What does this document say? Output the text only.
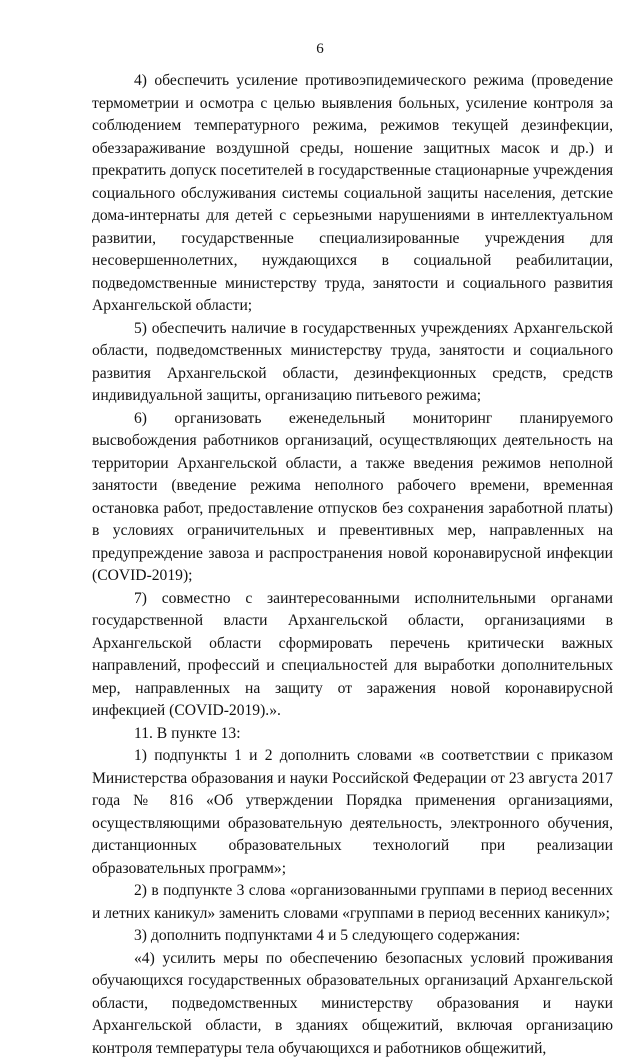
6

4) обеспечить усиление противоэпидемического режима (проведение термометрии и осмотра с целью выявления больных, усиление контроля за соблюдением температурного режима, режимов текущей дезинфекции, обеззараживание воздушной среды, ношение защитных масок и др.) и прекратить допуск посетителей в государственные стационарные учреждения социального обслуживания системы социальной защиты населения, детские дома-интернаты для детей с серьезными нарушениями в интеллектуальном развитии, государственные специализированные учреждения для несовершеннолетних, нуждающихся в социальной реабилитации, подведомственные министерству труда, занятости и социального развития Архангельской области;

5) обеспечить наличие в государственных учреждениях Архангельской области, подведомственных министерству труда, занятости и социального развития Архангельской области, дезинфекционных средств, средств индивидуальной защиты, организацию питьевого режима;

6) организовать еженедельный мониторинг планируемого высвобождения работников организаций, осуществляющих деятельность на территории Архангельской области, а также введения режимов неполной занятости (введение режима неполного рабочего времени, временная остановка работ, предоставление отпусков без сохранения заработной платы) в условиях ограничительных и превентивных мер, направленных на предупреждение завоза и распространения новой коронавирусной инфекции (COVID-2019);

7) совместно с заинтересованными исполнительными органами государственной власти Архангельской области, организациями в Архангельской области сформировать перечень критически важных направлений, профессий и специальностей для выработки дополнительных мер, направленных на защиту от заражения новой коронавирусной инфекцией (COVID-2019).».

11. В пункте 13:

1) подпункты 1 и 2 дополнить словами «в соответствии с приказом Министерства образования и науки Российской Федерации от 23 августа 2017 года № 816 «Об утверждении Порядка применения организациями, осуществляющими образовательную деятельность, электронного обучения, дистанционных образовательных технологий при реализации образовательных программ»;

2) в подпункте 3 слова «организованными группами в период весенних и летних каникул» заменить словами «группами в период весенних каникул»;

3) дополнить подпунктами 4 и 5 следующего содержания:

«4) усилить меры по обеспечению безопасных условий проживания обучающихся государственных образовательных организаций Архангельской области, подведомственных министерству образования и науки Архангельской области, в зданиях общежитий, включая организацию контроля температуры тела обучающихся и работников общежитий,
